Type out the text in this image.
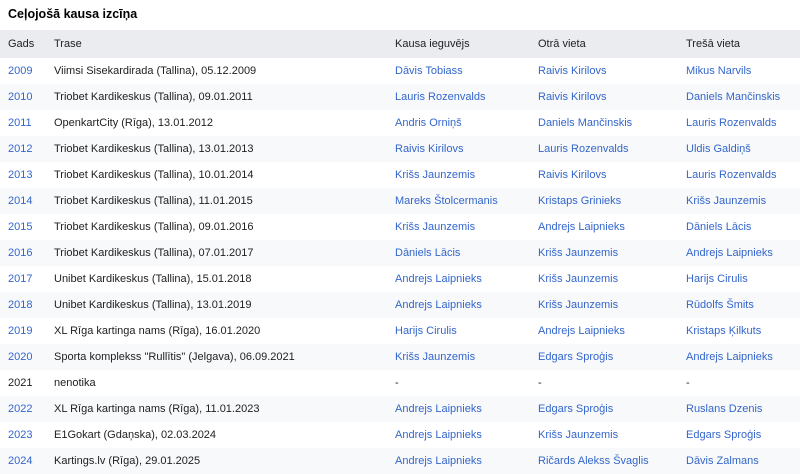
Ceļojošā kausa izcīņa
Gads	Trase	Kausa ieguvējs	Otrā vieta	Trešā vieta
2009	Viimsi Sisekardirada (Tallina), 05.12.2009	Dāvis Tobiass	Raivis Kirilovs	Mikus Narvils
2010	Triobet Kardikeskus (Tallina), 09.01.2011	Lauris Rozenvalds	Raivis Kirilovs	Daniels Mančinskis
2011	OpenkartCity (Rīga), 13.01.2012	Andris Orniņš	Daniels Mančinskis	Lauris Rozenvalds
2012	Triobet Kardikeskus (Tallina), 13.01.2013	Raivis Kirilovs	Lauris Rozenvalds	Uldis Galdiņš
2013	Triobet Kardikeskus (Tallina), 10.01.2014	Krišs Jaunzemis	Raivis Kirilovs	Lauris Rozenvalds
2014	Triobet Kardikeskus (Tallina), 11.01.2015	Mareks Štolcermanis	Kristaps Grinieks	Krišs Jaunzemis
2015	Triobet Kardikeskus (Tallina), 09.01.2016	Krišs Jaunzemis	Andrejs Laipnieks	Dāniels Lācis
2016	Triobet Kardikeskus (Tallina), 07.01.2017	Dāniels Lācis	Krišs Jaunzemis	Andrejs Laipnieks
2017	Unibet Kardikeskus (Tallina), 15.01.2018	Andrejs Laipnieks	Krišs Jaunzemis	Harijs Cirulis
2018	Unibet Kardikeskus (Tallina), 13.01.2019	Andrejs Laipnieks	Krišs Jaunzemis	Rūdolfs Šmits
2019	XL Rīga kartinga nams (Rīga), 16.01.2020	Harijs Cirulis	Andrejs Laipnieks	Kristaps Ķilkuts
2020	Sporta komplekss "Rullītis" (Jelgava), 06.09.2021	Krišs Jaunzemis	Edgars Sproģis	Andrejs Laipnieks
2021	nenotika	-	-	-
2022	XL Rīga kartinga nams (Rīga), 11.01.2023	Andrejs Laipnieks	Edgars Sproģis	Ruslans Dzenis
2023	E1Gokart (Gdaņska), 02.03.2024	Andrejs Laipnieks	Krišs Jaunzemis	Edgars Sproģis
2024	Kartings.lv (Rīga), 29.01.2025	Andrejs Laipnieks	Ričards Alekss Švaglis	Dāvis Zalmans
